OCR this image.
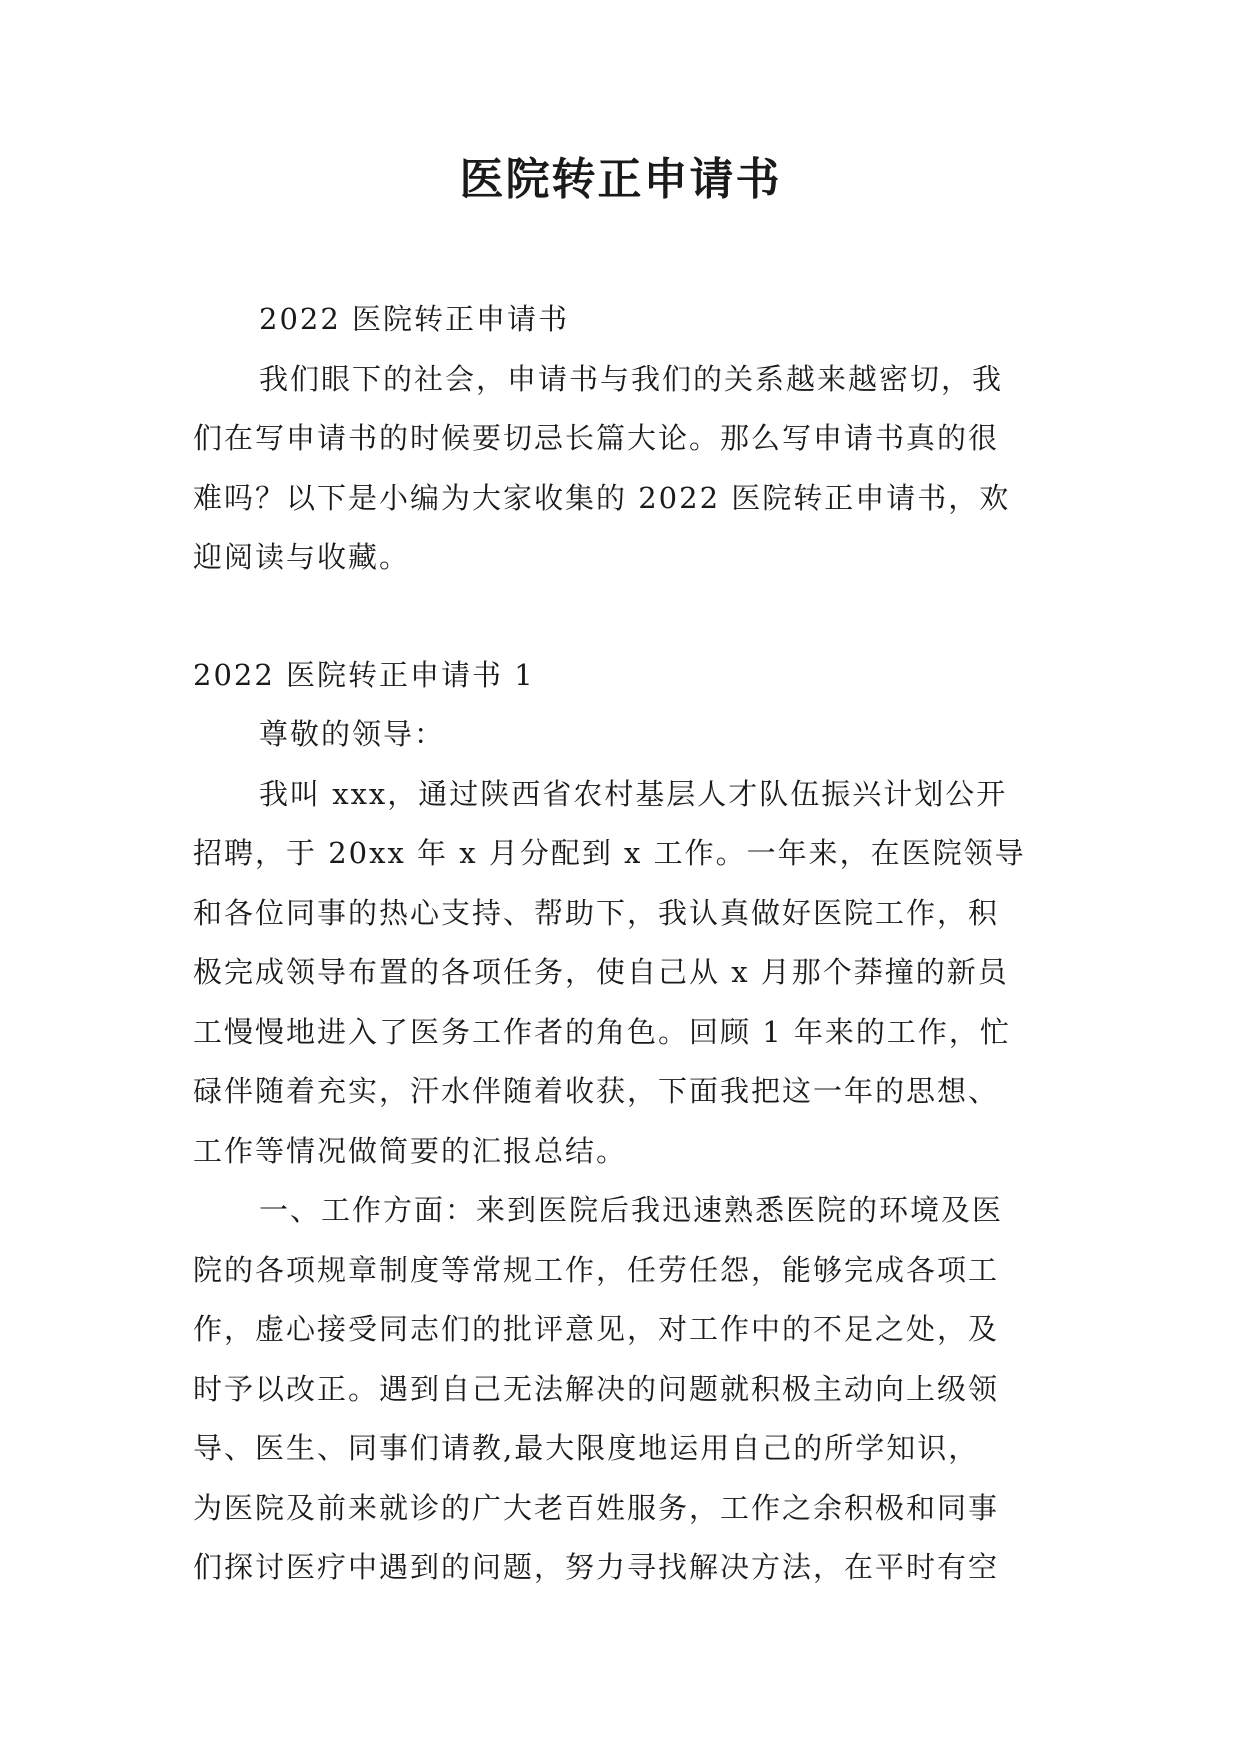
医院转正申请书

2022 医院转正申请书

我们眼下的社会，申请书与我们的关系越来越密切，我
们在写申请书的时候要切忌长篇大论。那么写申请书真的很
难吗？以下是小编为大家收集的 2022 医院转正申请书，欢
迎阅读与收藏。

2022 医院转正申请书 1

尊敬的领导：

我叫 xxx，通过陕西省农村基层人才队伍振兴计划公开
招聘，于 20xx 年 x 月分配到 x 工作。一年来，在医院领导
和各位同事的热心支持、帮助下，我认真做好医院工作，积
极完成领导布置的各项任务，使自己从 x 月那个莽撞的新员
工慢慢地进入了医务工作者的角色。回顾 1 年来的工作，忙
碌伴随着充实，汗水伴随着收获，下面我把这一年的思想、
工作等情况做简要的汇报总结。

一、工作方面：来到医院后我迅速熟悉医院的环境及医
院的各项规章制度等常规工作，任劳任怨，能够完成各项工
作，虚心接受同志们的批评意见，对工作中的不足之处，及
时予以改正。遇到自己无法解决的问题就积极主动向上级领
导、医生、同事们请教,最大限度地运用自己的所学知识，
为医院及前来就诊的广大老百姓服务，工作之余积极和同事
们探讨医疗中遇到的问题，努力寻找解决方法，在平时有空
